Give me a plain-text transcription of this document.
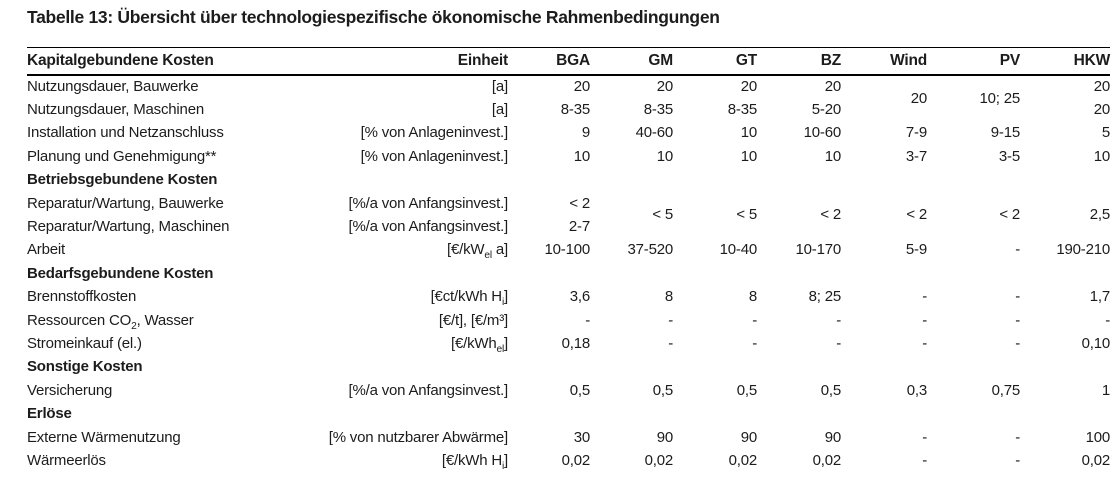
Tabelle 13: Übersicht über technologiespezifische ökonomische Rahmenbedingungen
Kapitalgebundene Kosten	Einheit	BGA	GM	GT	BZ	Wind	PV	HKW
Nutzungsdauer, Bauwerke	[a]	20	20	20	20	20	10; 25	20
Nutzungsdauer, Maschinen	[a]	8-35	8-35	8-35	5-20			20
Installation und Netzanschluss	[% von Anlageninvest.]	9	40-60	10	10-60	7-9	9-15	5
Planung und Genehmigung**	[% von Anlageninvest.]	10	10	10	10	3-7	3-5	10
Betriebsgebundene Kosten								
Reparatur/Wartung, Bauwerke	[%/a von Anfangsinvest.]	< 2	< 5	< 5	< 2	< 2	< 2	2,5
Reparatur/Wartung, Maschinen	[%/a von Anfangsinvest.]	2-7						
Arbeit	[$€/kW_{el}$ a]	10-100	37-520	10-40	10-170	5-9	-	190-210
Bedarfsgebundene Kosten								
Brennstoffkosten	[€ct/kWh $H_i$]	3,6	8	8	8; 25	-	-	1,7
Ressourcen $CO_2$, Wasser	[€/t], [€/m³]	-	-	-	-	-	-	-
Stromeinkauf (el.)	[€/kWh$_{el}$]	0,18	-	-	-	-	-	0,10
Sonstige Kosten								
Versicherung	[%/a von Anfangsinvest.]	0,5	0,5	0,5	0,5	0,3	0,75	1
Erlöse								
Externe Wärmenutzung	[% von nutzbarer Abwärme]	30	90	90	90	-	-	100
Wärmeerlös	[€/kWh $H_i$]	0,02	0,02	0,02	0,02	-	-	0,02
